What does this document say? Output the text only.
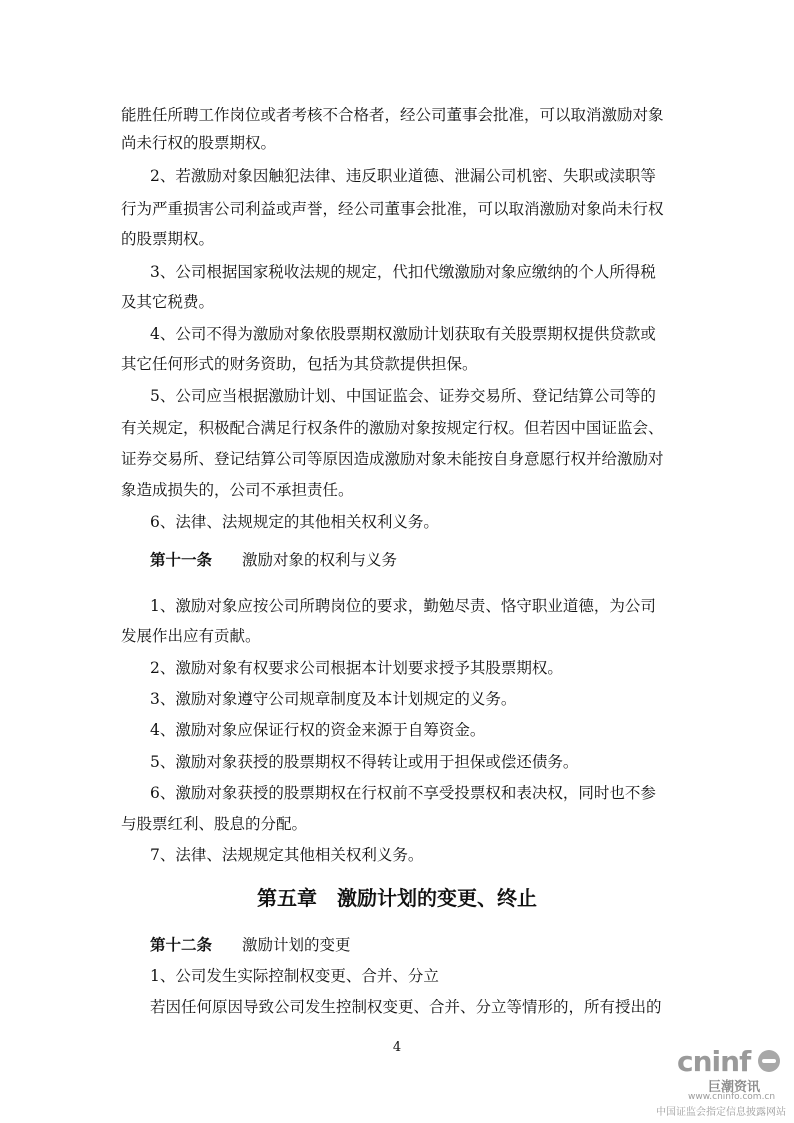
能胜任所聘工作岗位或者考核不合格者，经公司董事会批准，可以取消激励对象
尚未行权的股票期权。
2、若激励对象因触犯法律、违反职业道德、泄漏公司机密、失职或渎职等
行为严重损害公司利益或声誉，经公司董事会批准，可以取消激励对象尚未行权
的股票期权。
3、公司根据国家税收法规的规定，代扣代缴激励对象应缴纳的个人所得税
及其它税费。
4、公司不得为激励对象依股票期权激励计划获取有关股票期权提供贷款或
其它任何形式的财务资助，包括为其贷款提供担保。
5、公司应当根据激励计划、中国证监会、证券交易所、登记结算公司等的
有关规定，积极配合满足行权条件的激励对象按规定行权。但若因中国证监会、
证券交易所、登记结算公司等原因造成激励对象未能按自身意愿行权并给激励对
象造成损失的，公司不承担责任。
6、法律、法规规定的其他相关权利义务。
第十一条 激励对象的权利与义务
1、激励对象应按公司所聘岗位的要求，勤勉尽责、恪守职业道德，为公司
发展作出应有贡献。
2、激励对象有权要求公司根据本计划要求授予其股票期权。
3、激励对象遵守公司规章制度及本计划规定的义务。
4、激励对象应保证行权的资金来源于自筹资金。
5、激励对象获授的股票期权不得转让或用于担保或偿还债务。
6、激励对象获授的股票期权在行权前不享受投票权和表决权，同时也不参
与股票红利、股息的分配。
7、法律、法规规定其他相关权利义务。
第五章　激励计划的变更、终止
第十二条 激励计划的变更
1、公司发生实际控制权变更、合并、分立
若因任何原因导致公司发生控制权变更、合并、分立等情形的，所有授出的
4	cninf
巨潮资讯
www.cninfo.com.cn
中国证监会指定信息披露网站
